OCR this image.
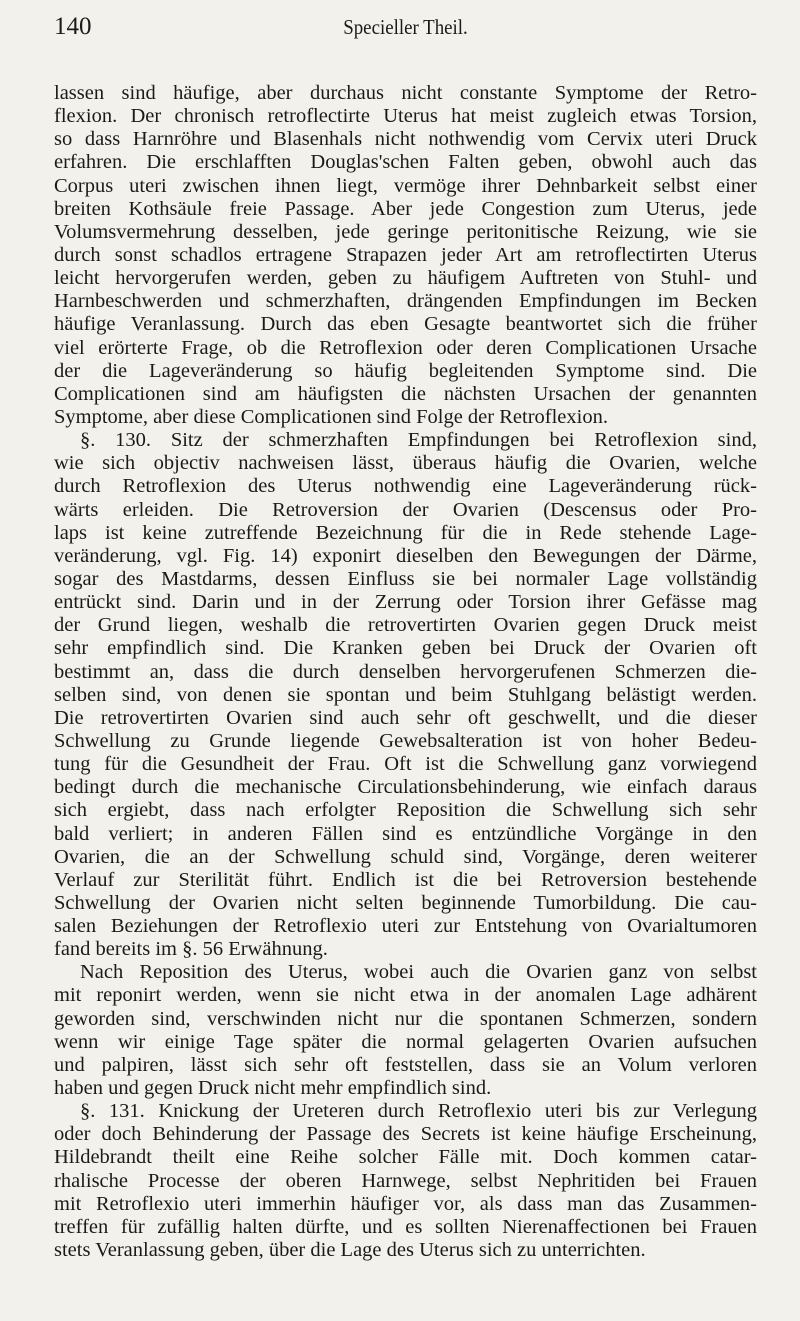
140	Specieller Theil.
lassen sind häufige, aber durchaus nicht constante Symptome der Retro-
flexion. Der chronisch retroflectirte Uterus hat meist zugleich etwas Torsion,
so dass Harnröhre und Blasenhals nicht nothwendig vom Cervix uteri Druck
erfahren. Die erschlafften Douglas'schen Falten geben, obwohl auch das
Corpus uteri zwischen ihnen liegt, vermöge ihrer Dehnbarkeit selbst einer
breiten Kothsäule freie Passage. Aber jede Congestion zum Uterus, jede
Volumsvermehrung desselben, jede geringe peritonitische Reizung, wie sie
durch sonst schadlos ertragene Strapazen jeder Art am retroflectirten Uterus
leicht hervorgerufen werden, geben zu häufigem Auftreten von Stuhl- und
Harnbeschwerden und schmerzhaften, drängenden Empfindungen im Becken
häufige Veranlassung. Durch das eben Gesagte beantwortet sich die früher
viel erörterte Frage, ob die Retroflexion oder deren Complicationen Ursache
der die Lageveränderung so häufig begleitenden Symptome sind. Die
Complicationen sind am häufigsten die nächsten Ursachen der genannten
Symptome, aber diese Complicationen sind Folge der Retroflexion.
§. 130. Sitz der schmerzhaften Empfindungen bei Retroflexion sind,
wie sich objectiv nachweisen lässt, überaus häufig die Ovarien, welche
durch Retroflexion des Uterus nothwendig eine Lageveränderung rück-
wärts erleiden. Die Retroversion der Ovarien (Descensus oder Pro-
laps ist keine zutreffende Bezeichnung für die in Rede stehende Lage-
veränderung, vgl. Fig. 14) exponirt dieselben den Bewegungen der Därme,
sogar des Mastdarms, dessen Einfluss sie bei normaler Lage vollständig
entrückt sind. Darin und in der Zerrung oder Torsion ihrer Gefässe mag
der Grund liegen, weshalb die retrovertirten Ovarien gegen Druck meist
sehr empfindlich sind. Die Kranken geben bei Druck der Ovarien oft
bestimmt an, dass die durch denselben hervorgerufenen Schmerzen die-
selben sind, von denen sie spontan und beim Stuhlgang belästigt werden.
Die retrovertirten Ovarien sind auch sehr oft geschwellt, und die dieser
Schwellung zu Grunde liegende Gewebsalteration ist von hoher Bedeu-
tung für die Gesundheit der Frau. Oft ist die Schwellung ganz vorwiegend
bedingt durch die mechanische Circulationsbehinderung, wie einfach daraus
sich ergiebt, dass nach erfolgter Reposition die Schwellung sich sehr
bald verliert; in anderen Fällen sind es entzündliche Vorgänge in den
Ovarien, die an der Schwellung schuld sind, Vorgänge, deren weiterer
Verlauf zur Sterilität führt. Endlich ist die bei Retroversion bestehende
Schwellung der Ovarien nicht selten beginnende Tumorbildung. Die cau-
salen Beziehungen der Retroflexio uteri zur Entstehung von Ovarialtumoren
fand bereits im §. 56 Erwähnung.
Nach Reposition des Uterus, wobei auch die Ovarien ganz von selbst
mit reponirt werden, wenn sie nicht etwa in der anomalen Lage adhärent
geworden sind, verschwinden nicht nur die spontanen Schmerzen, sondern
wenn wir einige Tage später die normal gelagerten Ovarien aufsuchen
und palpiren, lässt sich sehr oft feststellen, dass sie an Volum verloren
haben und gegen Druck nicht mehr empfindlich sind.
§. 131. Knickung der Ureteren durch Retroflexio uteri bis zur Verlegung
oder doch Behinderung der Passage des Secrets ist keine häufige Erscheinung,
Hildebrandt theilt eine Reihe solcher Fälle mit. Doch kommen catar-
rhalische Processe der oberen Harnwege, selbst Nephritiden bei Frauen
mit Retroflexio uteri immerhin häufiger vor, als dass man das Zusammen-
treffen für zufällig halten dürfte, und es sollten Nierenaffectionen bei Frauen
stets Veranlassung geben, über die Lage des Uterus sich zu unterrichten.
